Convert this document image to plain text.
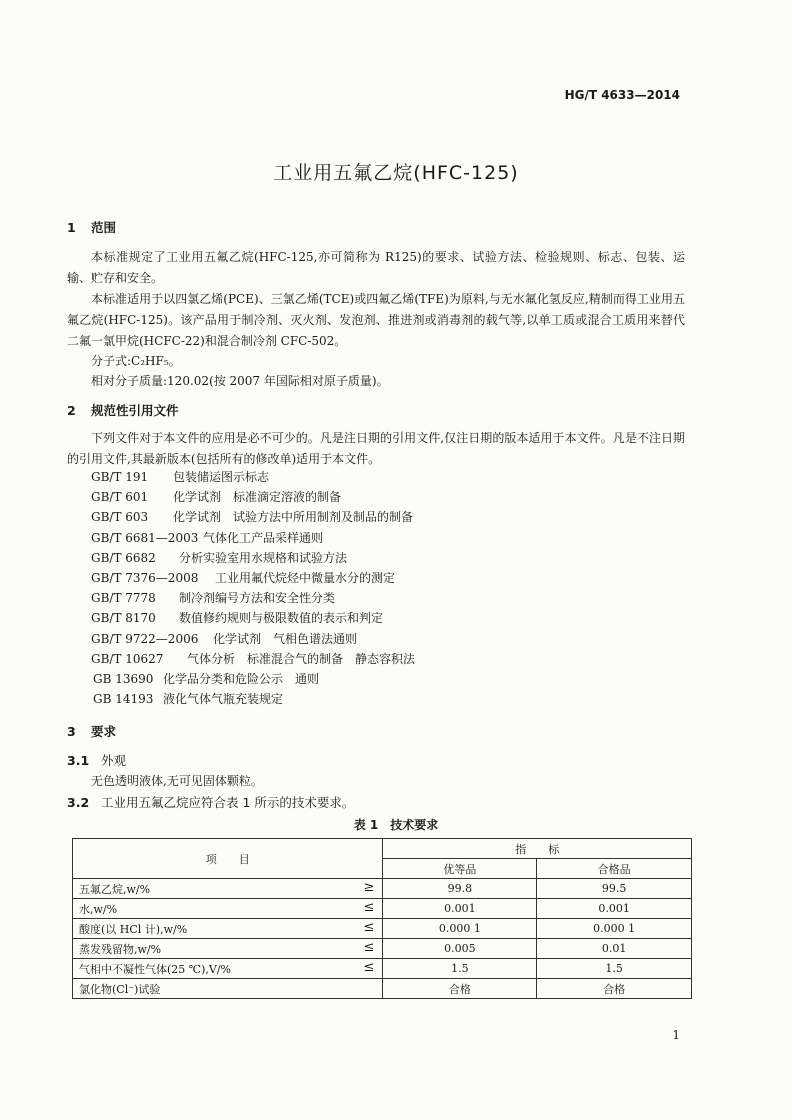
HG/T 4633—2014
工业用五氟乙烷(HFC-125)
1 范围
本标准规定了工业用五氟乙烷(HFC-125,亦可简称为 R125)的要求、试验方法、检验规则、标志、包装、运输、贮存和安全。
本标准适用于以四氯乙烯(PCE)、三氯乙烯(TCE)或四氟乙烯(TFE)为原料,与无水氟化氢反应,精制而得工业用五氟乙烷(HFC-125)。该产品用于制冷剂、灭火剂、发泡剂、推进剂或消毒剂的载气等,以单工质或混合工质用来替代二氟一氯甲烷(HCFC-22)和混合制冷剂 CFC-502。
分子式:C₂HF₅。
相对分子质量:120.02(按 2007 年国际相对原子质量)。
2 规范性引用文件
下列文件对于本文件的应用是必不可少的。凡是注日期的引用文件,仅注日期的版本适用于本文件。凡是不注日期的引用文件,其最新版本(包括所有的修改单)适用于本文件。
GB/T 191 包装储运图示标志
GB/T 601 化学试剂　标准滴定溶液的制备
GB/T 603 化学试剂　试验方法中所用制剂及制品的制备
GB/T 6681—2003 气体化工产品采样通则
GB/T 6682 分析实验室用水规格和试验方法
GB/T 7376—2008 工业用氟代烷烃中微量水分的测定
GB/T 7778 制冷剂编号方法和安全性分类
GB/T 8170 数值修约规则与极限数值的表示和判定
GB/T 9722—2006 化学试剂　气相色谱法通则
GB/T 10627 气体分析　标准混合气的制备　静态容积法
GB 13690 化学品分类和危险公示　通则
GB 14193 液化气体气瓶充装规定
3 要求
3.1 外观
无色透明液体,无可见固体颗粒。
3.2 工业用五氟乙烷应符合表 1 所示的技术要求。
表 1　技术要求
项　　目	指　　标	
	优等品	合格品
五氟乙烷,w/% ≥	99.8	99.5
水,w/% ≤	0.001	0.001
酸度(以 HCl 计),w/% ≤	0.000 1	0.000 1
蒸发残留物,w/% ≤	0.005	0.01
气相中不凝性气体(25 ℃),V/% ≤	1.5	1.5
氯化物(Cl⁻)试验	合格	合格
1
